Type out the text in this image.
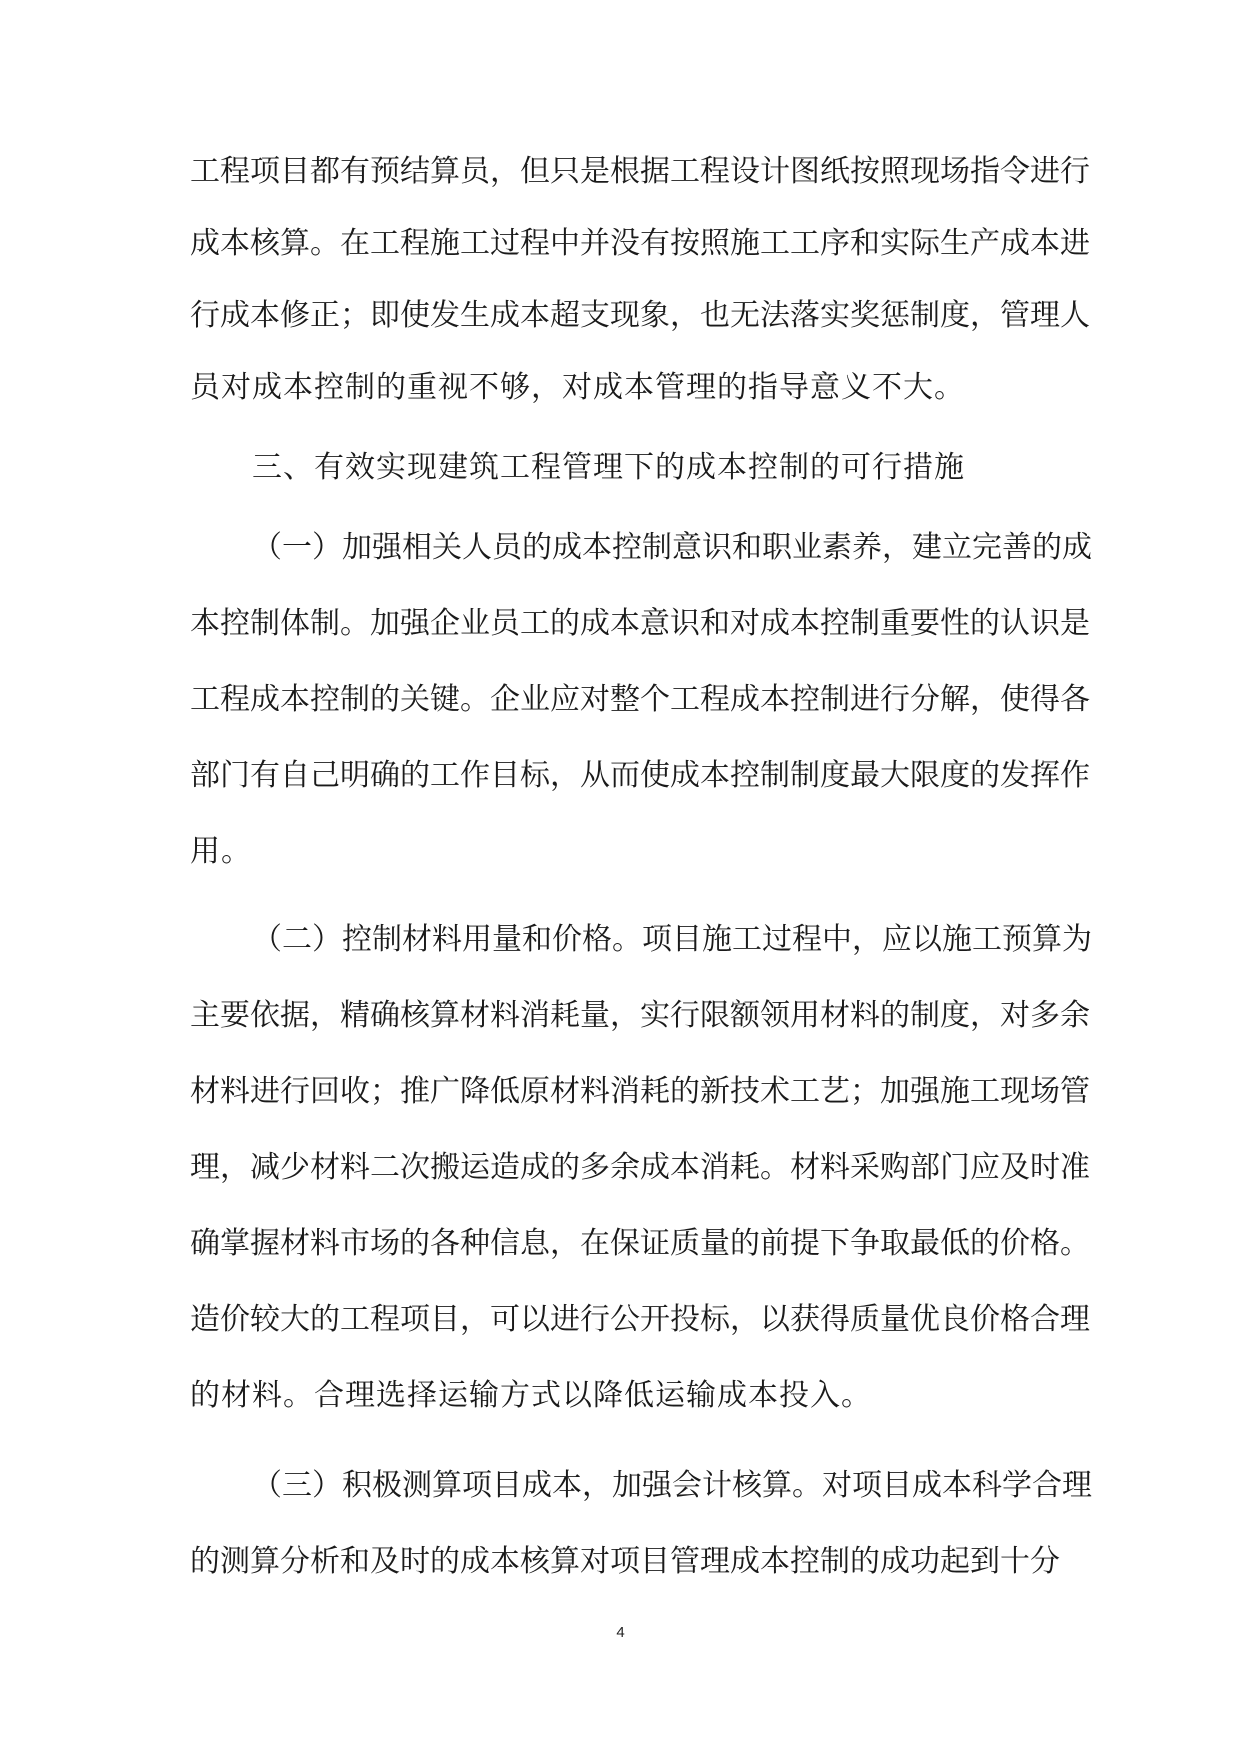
工程项目都有预结算员，但只是根据工程设计图纸按照现场指令进行
成本核算。在工程施工过程中并没有按照施工工序和实际生产成本进
行成本修正；即使发生成本超支现象，也无法落实奖惩制度，管理人
员对成本控制的重视不够，对成本管理的指导意义不大。
三、有效实现建筑工程管理下的成本控制的可行措施
（一）加强相关人员的成本控制意识和职业素养，建立完善的成
本控制体制。加强企业员工的成本意识和对成本控制重要性的认识是
工程成本控制的关键。企业应对整个工程成本控制进行分解，使得各
部门有自己明确的工作目标，从而使成本控制制度最大限度的发挥作
用。
（二）控制材料用量和价格。项目施工过程中，应以施工预算为
主要依据，精确核算材料消耗量，实行限额领用材料的制度，对多余
材料进行回收；推广降低原材料消耗的新技术工艺；加强施工现场管
理，减少材料二次搬运造成的多余成本消耗。材料采购部门应及时准
确掌握材料市场的各种信息，在保证质量的前提下争取最低的价格。
造价较大的工程项目，可以进行公开投标，以获得质量优良价格合理
的材料。合理选择运输方式以降低运输成本投入。
（三）积极测算项目成本，加强会计核算。对项目成本科学合理
的测算分析和及时的成本核算对项目管理成本控制的成功起到十分
4
